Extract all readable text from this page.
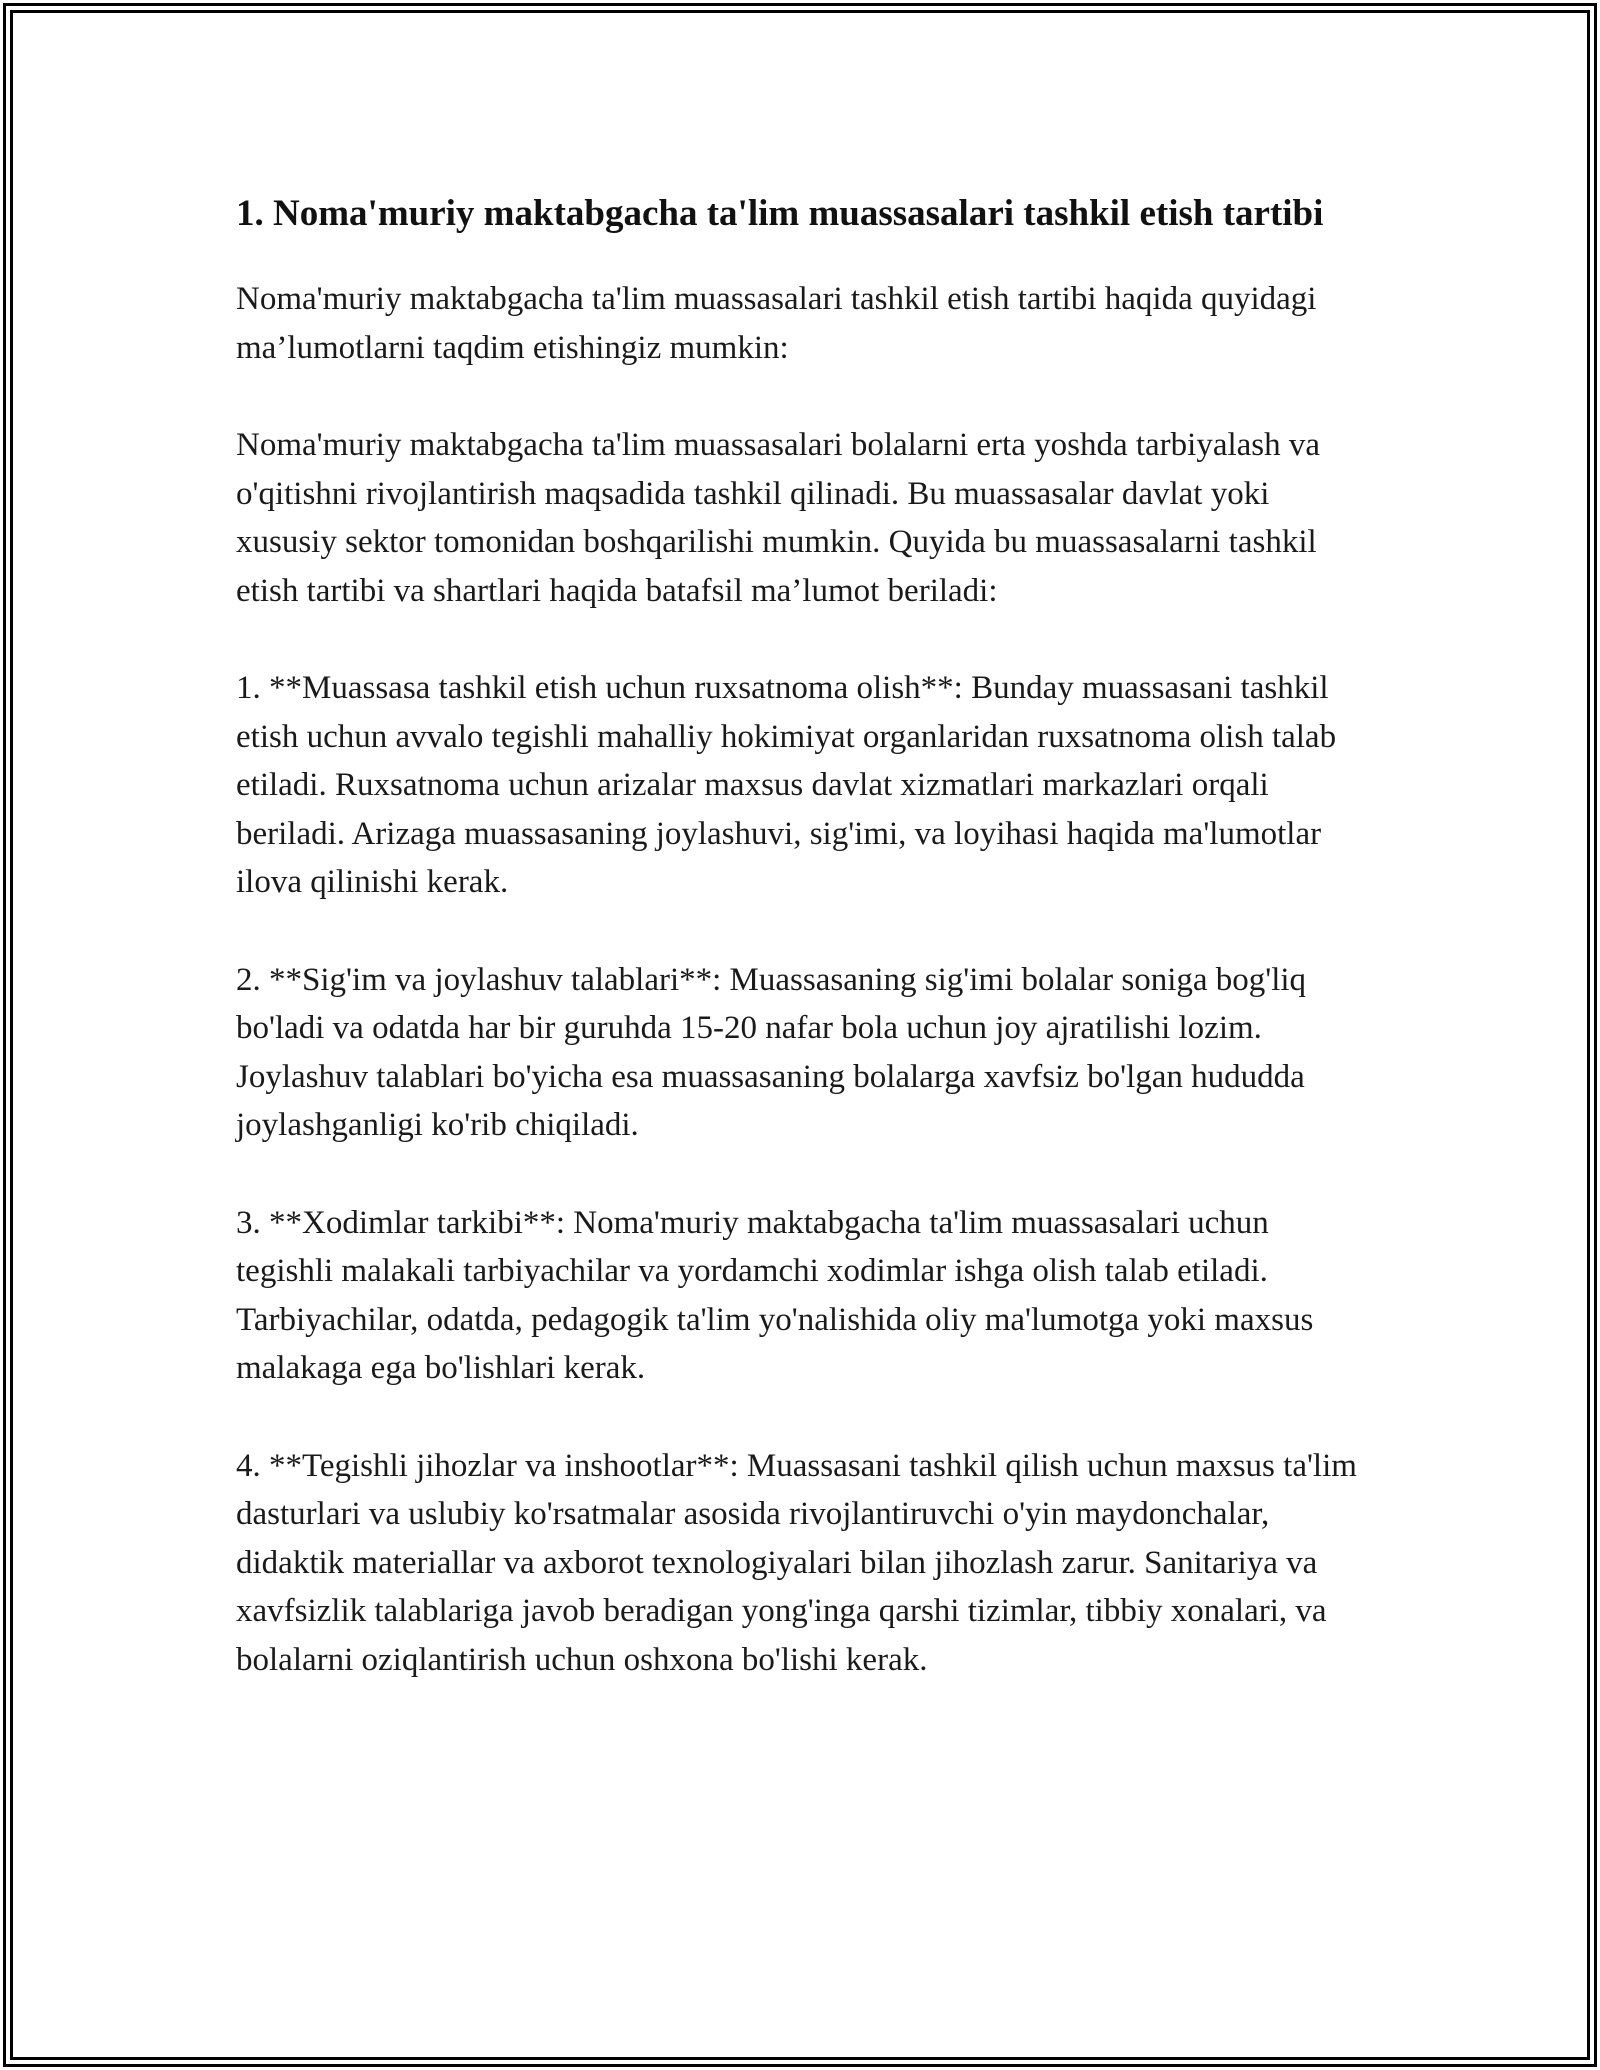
1. Noma'muriy maktabgacha ta'lim muassasalari tashkil etish tartibi

Noma'muriy maktabgacha ta'lim muassasalari tashkil etish tartibi haqida quyidagi ma’lumotlarni taqdim etishingiz mumkin:

Noma'muriy maktabgacha ta'lim muassasalari bolalarni erta yoshda tarbiyalash va o'qitishni rivojlantirish maqsadida tashkil qilinadi. Bu muassasalar davlat yoki xususiy sektor tomonidan boshqarilishi mumkin. Quyida bu muassasalarni tashkil etish tartibi va shartlari haqida batafsil ma’lumot beriladi:

1. **Muassasa tashkil etish uchun ruxsatnoma olish**: Bunday muassasani tashkil etish uchun avvalo tegishli mahalliy hokimiyat organlaridan ruxsatnoma olish talab etiladi. Ruxsatnoma uchun arizalar maxsus davlat xizmatlari markazlari orqali beriladi. Arizaga muassasaning joylashuvi, sig'imi, va loyihasi haqida ma'lumotlar ilova qilinishi kerak.

2. **Sig'im va joylashuv talablari**: Muassasaning sig'imi bolalar soniga bog'liq bo'ladi va odatda har bir guruhda 15-20 nafar bola uchun joy ajratilishi lozim. Joylashuv talablari bo'yicha esa muassasaning bolalarga xavfsiz bo'lgan hududda joylashganligi ko'rib chiqiladi.

3. **Xodimlar tarkibi**: Noma'muriy maktabgacha ta'lim muassasalari uchun tegishli malakali tarbiyachilar va yordamchi xodimlar ishga olish talab etiladi. Tarbiyachilar, odatda, pedagogik ta'lim yo'nalishida oliy ma'lumotga yoki maxsus malakaga ega bo'lishlari kerak.

4. **Tegishli jihozlar va inshootlar**: Muassasani tashkil qilish uchun maxsus ta'lim dasturlari va uslubiy ko'rsatmalar asosida rivojlantiruvchi o'yin maydonchalar, didaktik materiallar va axborot texnologiyalari bilan jihozlash zarur. Sanitariya va xavfsizlik talablariga javob beradigan yong'inga qarshi tizimlar, tibbiy xonalari, va bolalarni oziqlantirish uchun oshxona bo'lishi kerak.
